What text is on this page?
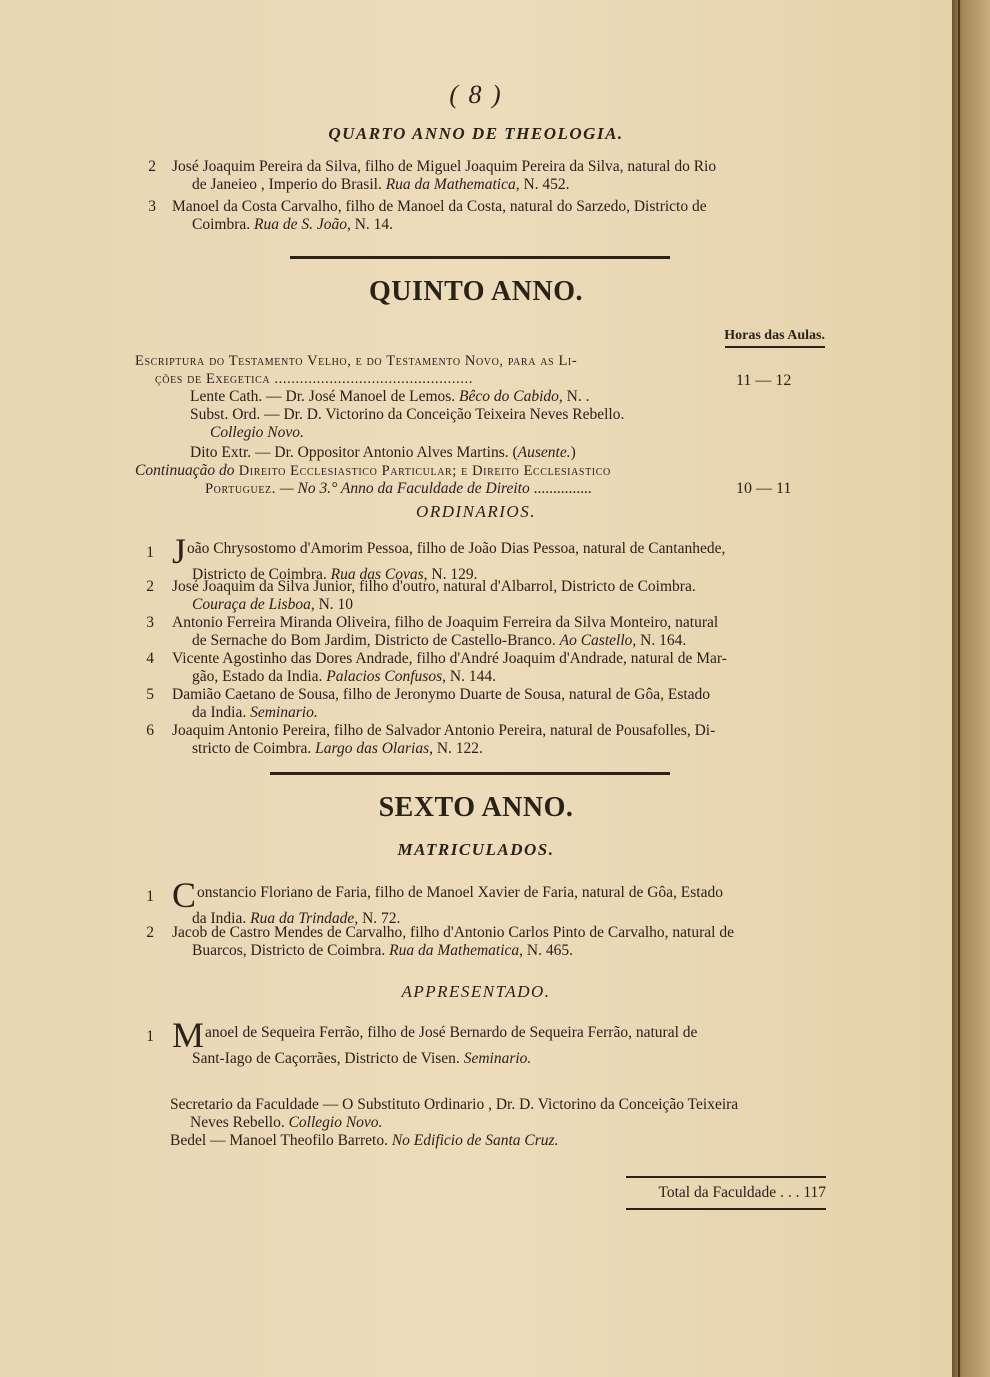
( 8 )
QUARTO ANNO DE THEOLOGIA.
2 José Joaquim Pereira da Silva, filho de Miguel Joaquim Pereira da Silva, natural do Rio
de Janeieo , Imperio do Brasil. Rua da Mathematica, N. 452.
3 Manoel da Costa Carvalho, filho de Manoel da Costa, natural do Sarzedo, Districto de
Coimbra. Rua de S. João, N. 14.
QUINTO ANNO.
Horas das Aulas.
Escriptura do Testamento Velho, e do Testamento Novo, para as Li-
ções de Exegetica ...............................................
Lente Cath. — Dr. José Manoel de Lemos. Bêco do Cabido, N. .
11 — 12
Subst. Ord. — Dr. D. Victorino da Conceição Teixeira Neves Rebello.
Collegio Novo.
Dito Extr. — Dr. Oppositor Antonio Alves Martins. (Ausente.)
Continuação do Direito Ecclesiastico Particular; e Direito Ecclesiastico
Portuguez. — No 3.° Anno da Faculdade de Direito ...............	10 — 11
ORDINARIOS.
1 João Chrysostomo d'Amorim Pessoa, filho de João Dias Pessoa, natural de Cantanhede,
Districto de Coimbra. Rua das Covas, N. 129.
2 José Joaquim da Silva Junior, filho d'outro, natural d'Albarrol, Districto de Coimbra.
Couraça de Lisboa, N. 10
3 Antonio Ferreira Miranda Oliveira, filho de Joaquim Ferreira da Silva Monteiro, natural
de Sernache do Bom Jardim, Districto de Castello-Branco. Ao Castello, N. 164.
4 Vicente Agostinho das Dores Andrade, filho d'André Joaquim d'Andrade, natural de Mar-
gão, Estado da India. Palacios Confusos, N. 144.
5 Damião Caetano de Sousa, filho de Jeronymo Duarte de Sousa, natural de Gôa, Estado
da India. Seminario.
6 Joaquim Antonio Pereira, filho de Salvador Antonio Pereira, natural de Pousafolles, Di-
stricto de Coimbra. Largo das Olarias, N. 122.
SEXTO ANNO.
MATRICULADOS.
1 Constancio Floriano de Faria, filho de Manoel Xavier de Faria, natural de Gôa, Estado
da India. Rua da Trindade, N. 72.
2 Jacob de Castro Mendes de Carvalho, filho d'Antonio Carlos Pinto de Carvalho, natural de
Buarcos, Districto de Coimbra. Rua da Mathematica, N. 465.
APPRESENTADO.
1 Manoel de Sequeira Ferrão, filho de José Bernardo de Sequeira Ferrão, natural de
Sant-Iago de Caçorrães, Districto de Visen. Seminario.
Secretario da Faculdade — O Substituto Ordinario , Dr. D. Victorino da Conceição Teixeira
Neves Rebello. Collegio Novo.
Bedel — Manoel Theofilo Barreto. No Edificio de Santa Cruz.
Total da Faculdade . . . 117
